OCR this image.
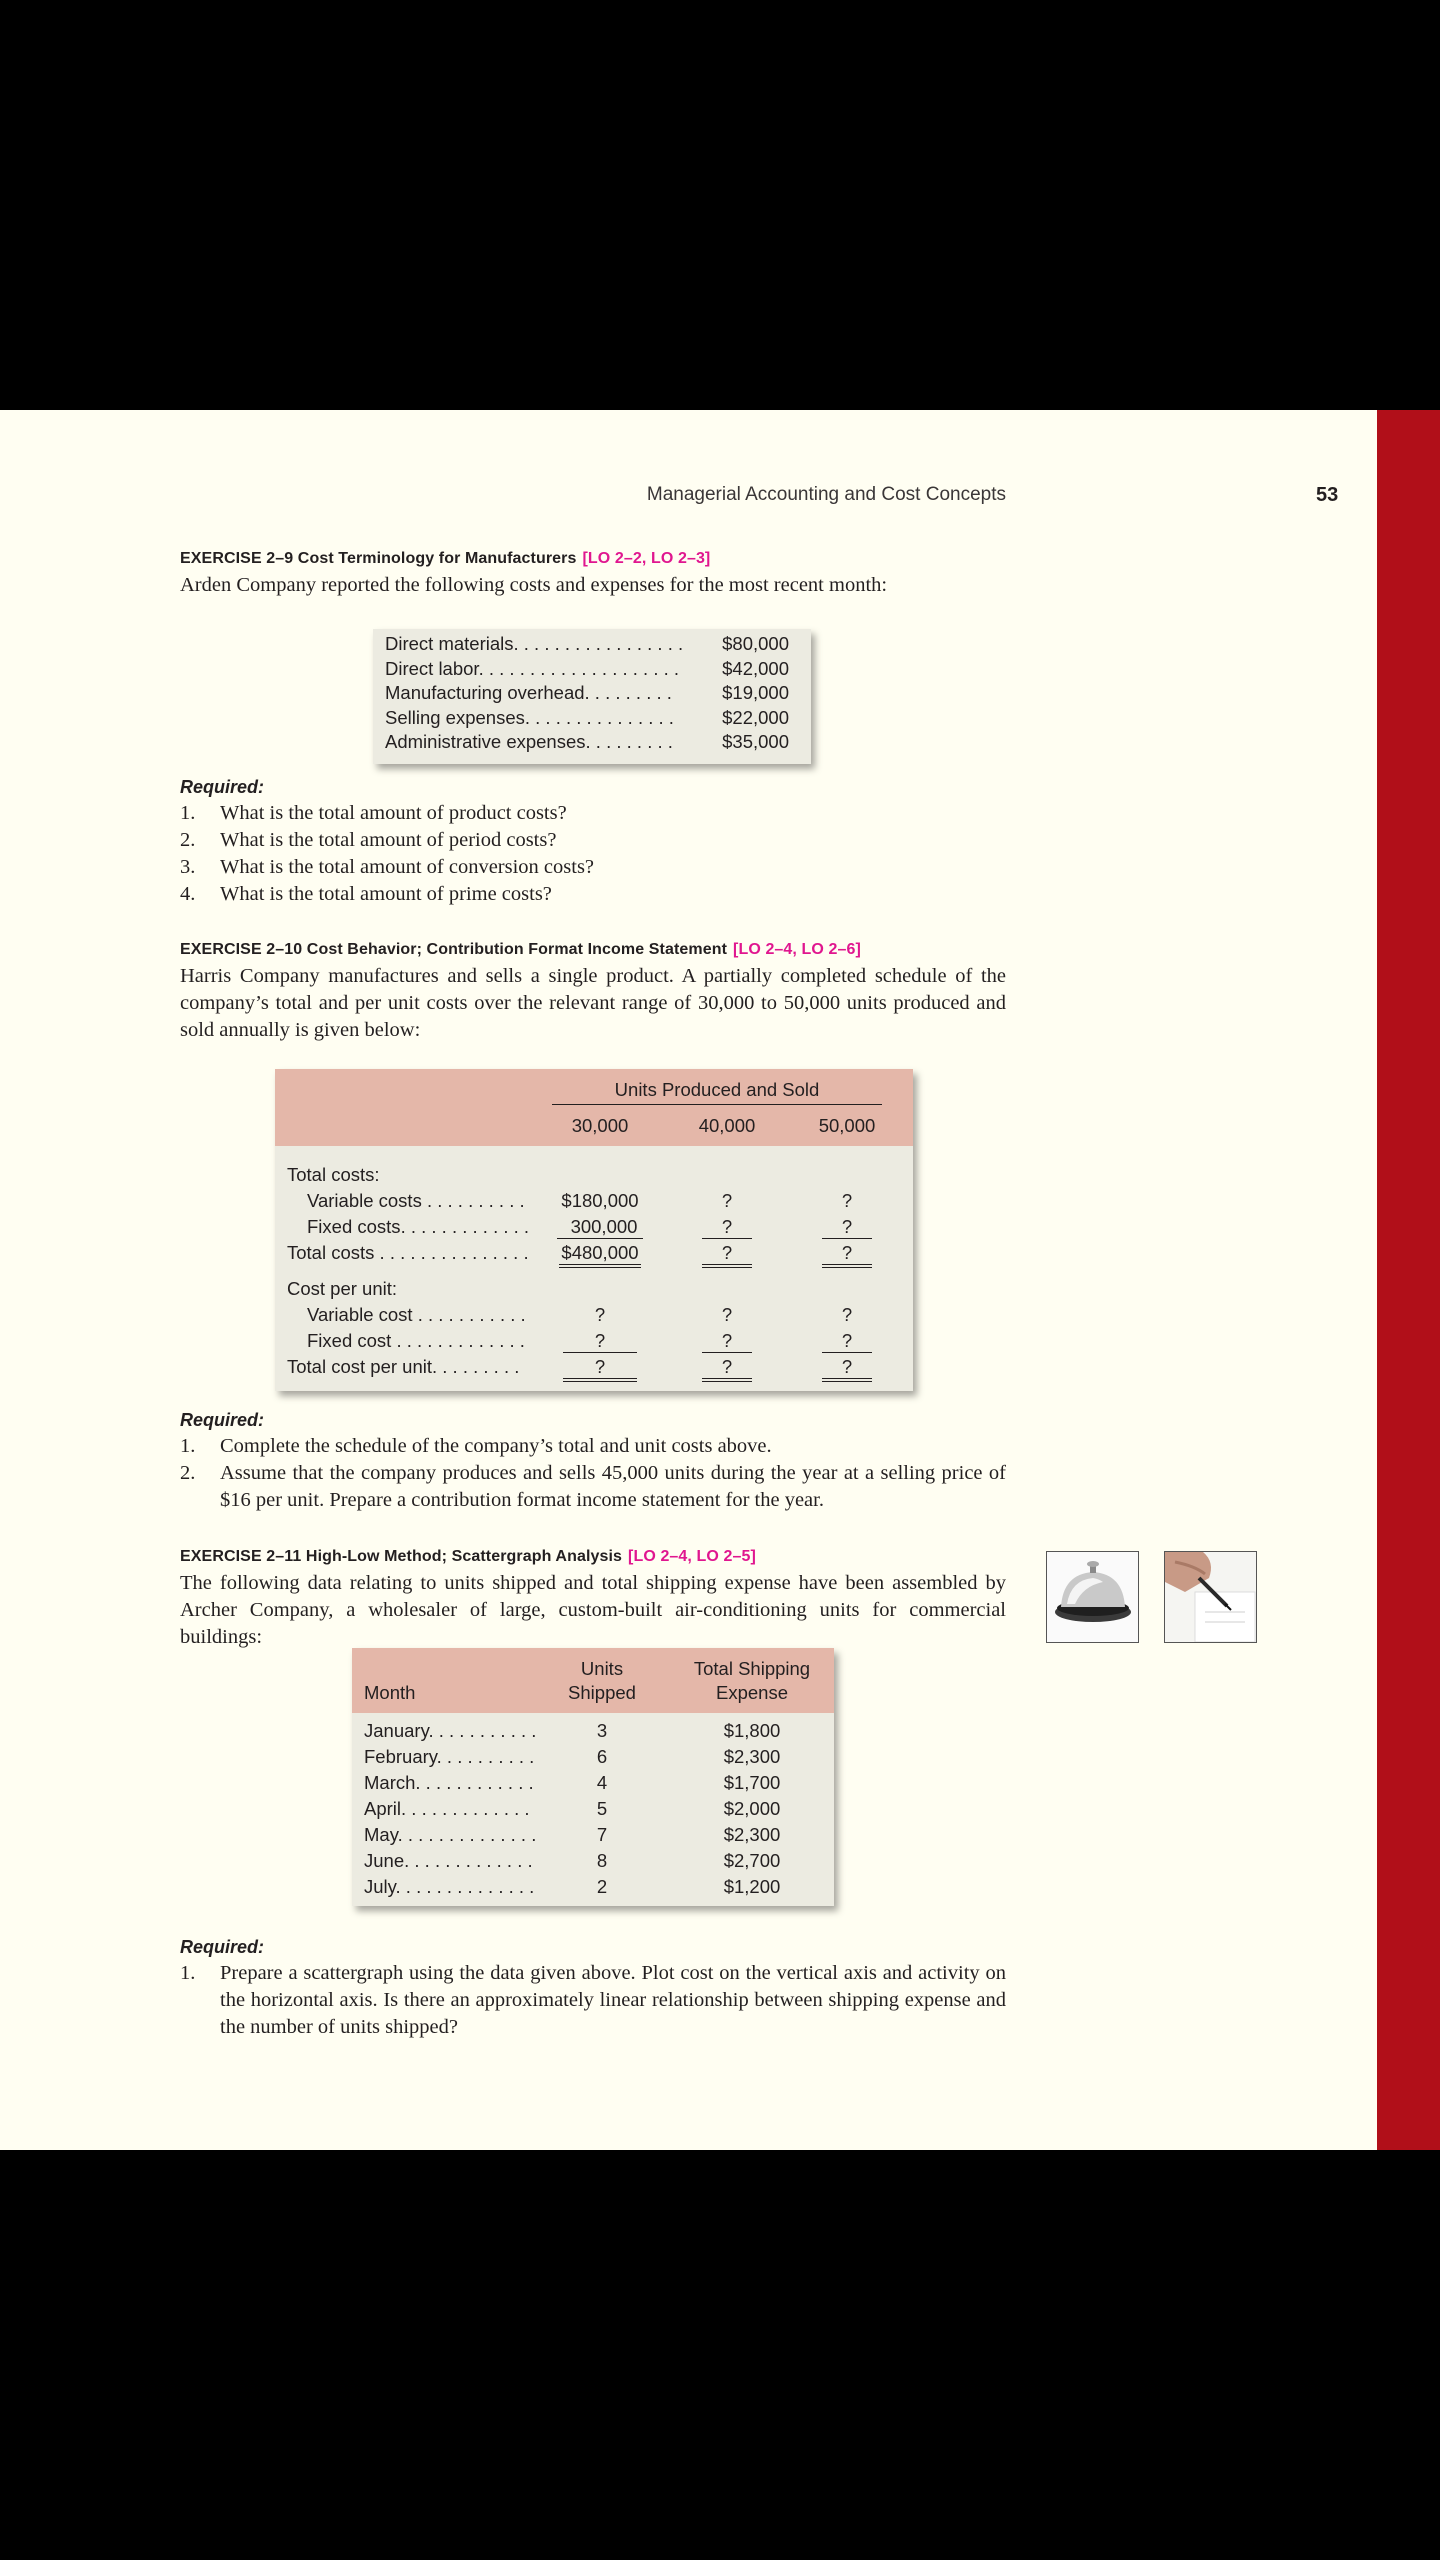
Managerial Accounting and Cost Concepts	53
EXERCISE 2–9 Cost Terminology for Manufacturers [LO 2–2, LO 2–3]
Arden Company reported the following costs and expenses for the most recent month:
Direct materials. . . . . . . . . . . . . . . . . $80,000
Direct labor. . . . . . . . . . . . . . . . . . . . $42,000
Manufacturing overhead. . . . . . . . .	$19,000
Selling expenses. . . . . . . . . . . . . . .	$22,000
Administrative expenses. . . . . . . . .	$35,000
Required:
1. What is the total amount of product costs?
2. What is the total amount of period costs?
3. What is the total amount of conversion costs?
4. What is the total amount of prime costs?
EXERCISE 2–10 Cost Behavior; Contribution Format Income Statement [LO 2–4, LO 2–6]
Harris Company manufactures and sells a single product. A partially completed schedule of the company’s total and per unit costs over the relevant range of 30,000 to 50,000 units produced and sold annually is given below:
Units Produced and Sold
30,000	40,000	50,000
Total costs:
Variable costs . . . . . . . . . .	$180,000	?	?
Fixed costs. . . . . . . . . . . . .	300,000	?	?
Total costs . . . . . . . . . . . . . . .	$480,000	?	?
Cost per unit:
Variable cost . . . . . . . . . . .	?	?	?
Fixed cost . . . . . . . . . . . . .	?	?	?
Total cost per unit. . . . . . . . .	?	?	?
Required:
1. Complete the schedule of the company’s total and unit costs above.
2. Assume that the company produces and sells 45,000 units during the year at a selling price of $16 per unit. Prepare a contribution format income statement for the year.
EXERCISE 2–11 High-Low Method; Scattergraph Analysis [LO 2–4, LO 2–5]
The following data relating to units shipped and total shipping expense have been assembled by Archer Company, a wholesaler of large, custom-built air-conditioning units for commercial buildings:
Month
Units
Shipped
Total Shipping
Expense
January. . . . . . . . . . .	3	$1,800
February. . . . . . . . . .	6	$2,300
March. . . . . . . . . . . .	4	$1,700
April. . . . . . . . . . . . .	5	$2,000
May. . . . . . . . . . . . . .	7	$2,300
June. . . . . . . . . . . . .	8	$2,700
July. . . . . . . . . . . . . .	2	$1,200
Required:
1. Prepare a scattergraph using the data given above. Plot cost on the vertical axis and activity on the horizontal axis. Is there an approximately linear relationship between shipping expense and the number of units shipped?
